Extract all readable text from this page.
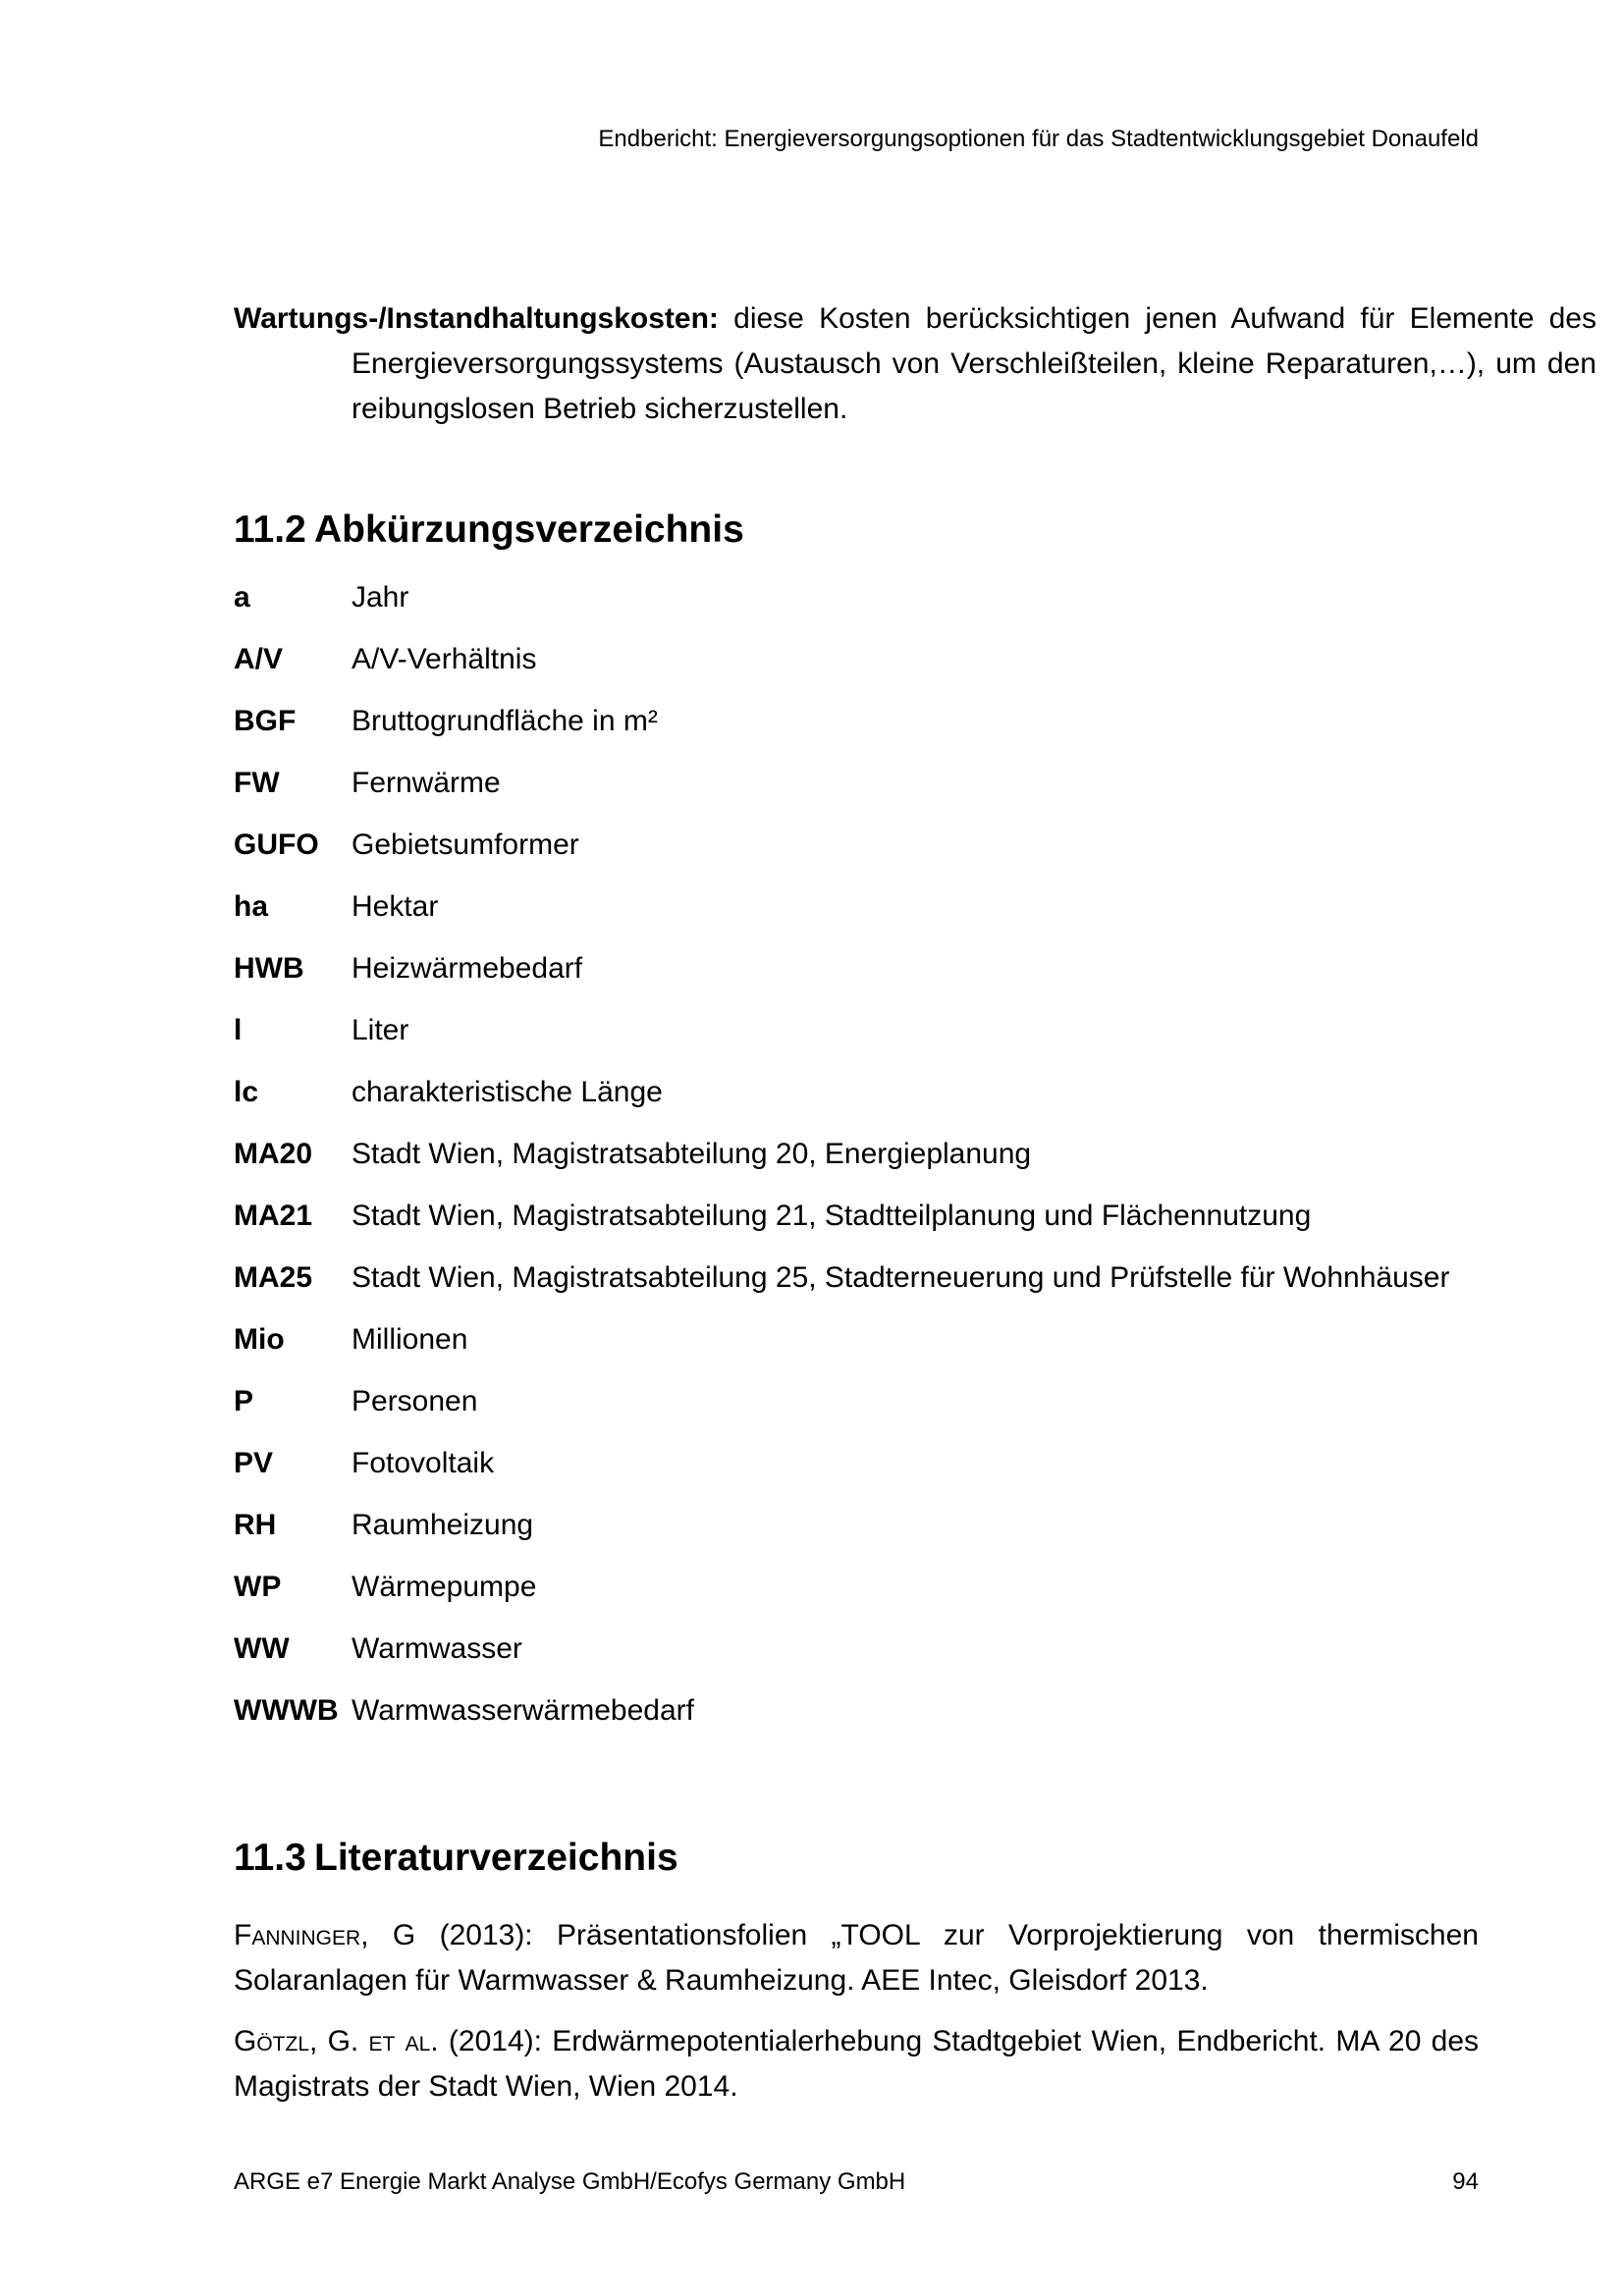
Endbericht: Energieversorgungsoptionen für das Stadtentwicklungsgebiet Donaufeld

Wartungs-/Instandhaltungskosten: diese Kosten berücksichtigen jenen Aufwand für Elemente des Energieversorgungssystems (Austausch von Verschleißteilen, kleine Reparaturen,…), um den reibungslosen Betrieb sicherzustellen.

11.2 Abkürzungsverzeichnis
a	Jahr
A/V	A/V-Verhältnis
BGF	Bruttogrundfläche in m²
FW	Fernwärme
GUFO	Gebietsumformer
ha	Hektar
HWB	Heizwärmebedarf
l	Liter
lc	charakteristische Länge
MA20	Stadt Wien, Magistratsabteilung 20, Energieplanung
MA21	Stadt Wien, Magistratsabteilung 21, Stadtteilplanung und Flächennutzung
MA25	Stadt Wien, Magistratsabteilung 25, Stadterneuerung und Prüfstelle für Wohnhäuser
Mio	Millionen
P	Personen
PV	Fotovoltaik
RH	Raumheizung
WP	Wärmepumpe
WW	Warmwasser
WWWB Warmwasserwärmebedarf
11.3 Literaturverzeichnis

Fanninger, G (2013): Präsentationsfolien „TOOL zur Vorprojektierung von thermischen Solaranlagen für Warmwasser & Raumheizung. AEE Intec, Gleisdorf 2013.

Götzl, G. et al. (2014): Erdwärmepotentialerhebung Stadtgebiet Wien, Endbericht. MA 20 des Magistrats der Stadt Wien, Wien 2014.

ARGE e7 Energie Markt Analyse GmbH/Ecofys Germany GmbH	94
